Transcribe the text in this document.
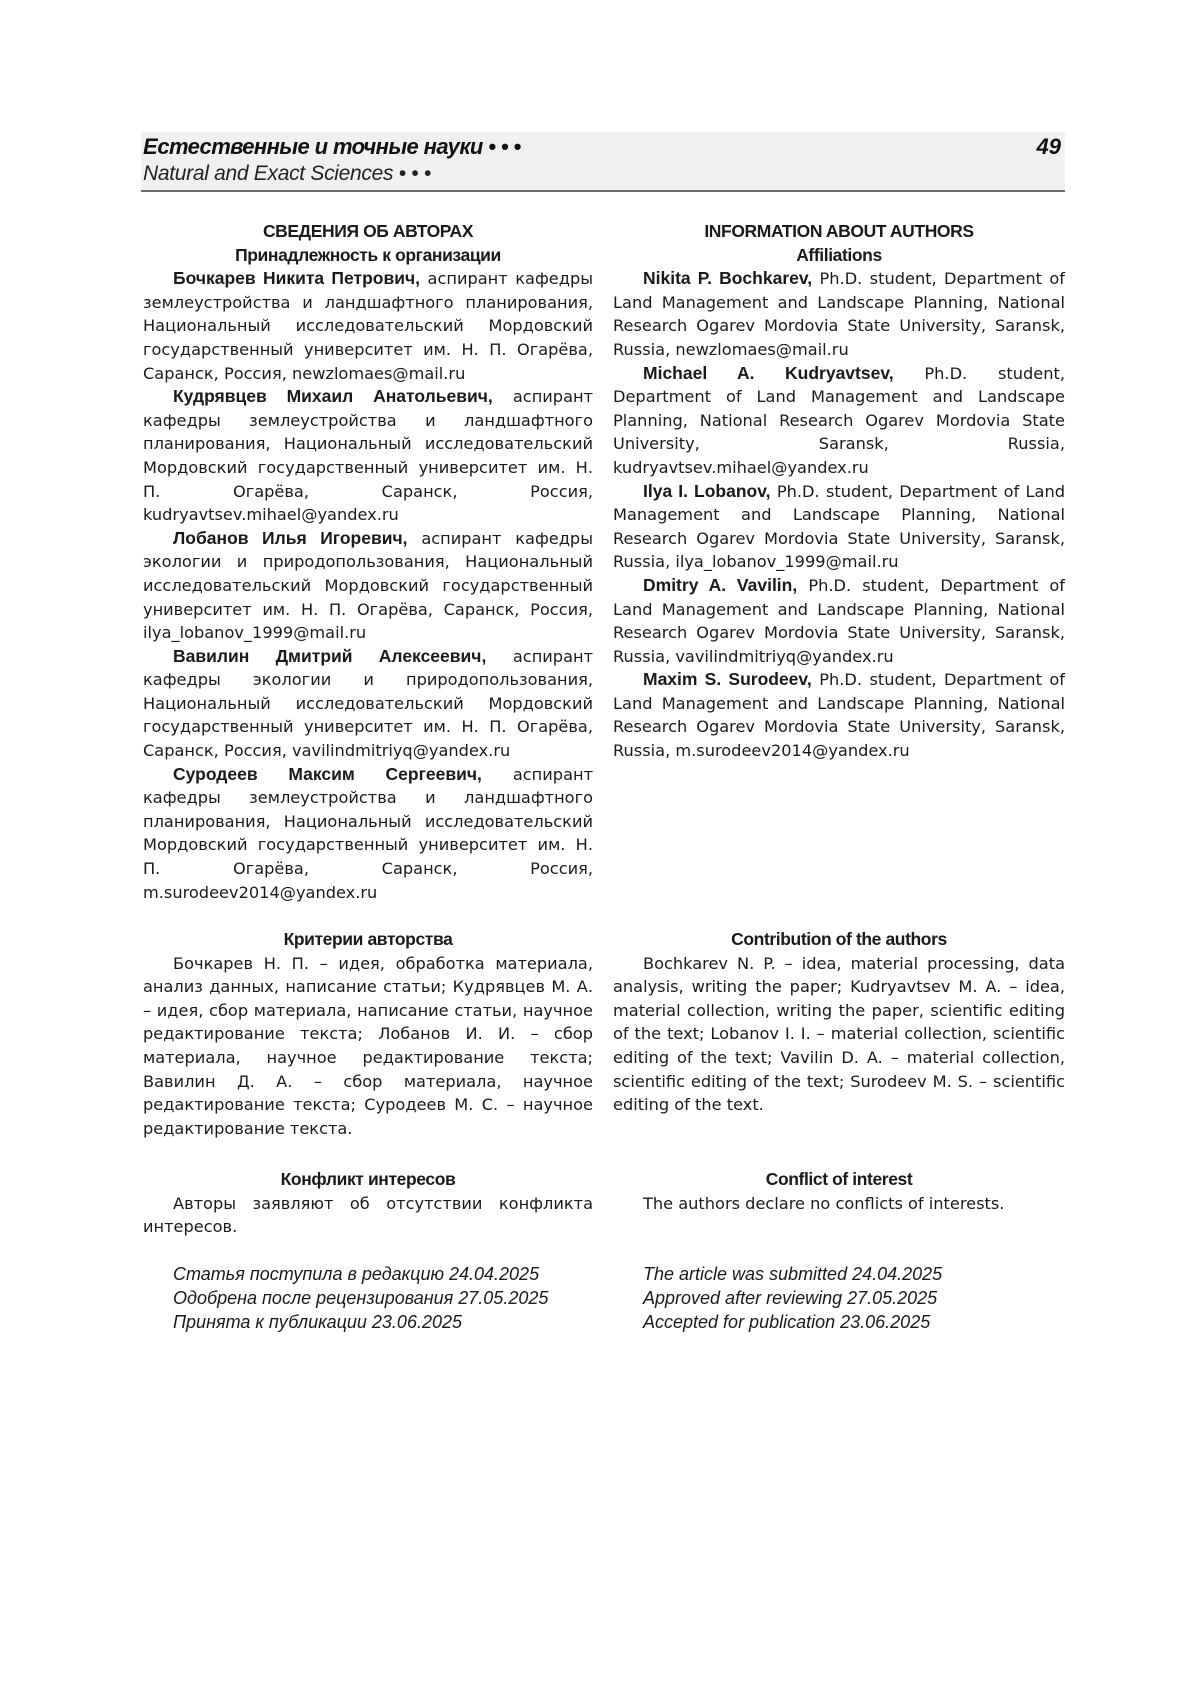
Естественные и точные науки • • •
Natural and Exact Sciences • • •
49
СВЕДЕНИЯ ОБ АВТОРАХ
Принадлежность к организации

Бочкарев Никита Петрович, аспирант кафедры землеустройства и ландшафтного планирования, Национальный исследовательский Мордовский государственный университет им. Н. П. Огарёва, Саранск, Россия, newzlomaes@mail.ru

Кудрявцев Михаил Анатольевич, аспирант кафедры землеустройства и ландшафтного планирования, Национальный исследовательский Мордовский государственный университет им. Н. П. Огарёва, Саранск, Россия, kudryavtsev.mihael@yandex.ru

Лобанов Илья Игоревич, аспирант кафедры экологии и природопользования, Национальный исследовательский Мордовский государственный университет им. Н. П. Огарёва, Саранск, Россия, ilya_lobanov_1999@mail.ru

Вавилин Дмитрий Алексеевич, аспирант кафедры экологии и природопользования, Национальный исследовательский Мордовский государственный университет им. Н. П. Огарёва, Саранск, Россия, vavilindmitriyq@yandex.ru

Суродеев Максим Сергеевич, аспирант кафедры землеустройства и ландшафтного планирования, Национальный исследовательский Мордовский государственный университет им. Н. П. Огарёва, Саранск, Россия, m.surodeev2014@yandex.ru

INFORMATION ABOUT AUTHORS
Affiliations

Nikita P. Bochkarev, Ph.D. student, Department of Land Management and Landscape Planning, National Research Ogarev Mordovia State University, Saransk, Russia, newzlomaes@mail.ru

Michael A. Kudryavtsev, Ph.D. student, Department of Land Management and Landscape Planning, National Research Ogarev Mordovia State University, Saransk, Russia, kudryavtsev.mihael@yandex.ru

Ilya I. Lobanov, Ph.D. student, Department of Land Management and Landscape Planning, National Research Ogarev Mordovia State University, Saransk, Russia, ilya_lobanov_1999@mail.ru

Dmitry A. Vavilin, Ph.D. student, Department of Land Management and Landscape Planning, National Research Ogarev Mordovia State University, Saransk, Russia, vavilindmitriyq@yandex.ru

Maxim S. Surodeev, Ph.D. student, Department of Land Management and Landscape Planning, National Research Ogarev Mordovia State University, Saransk, Russia, m.surodeev2014@yandex.ru

Критерии авторства

Бочкарев Н. П. – идея, обработка материала, анализ данных, написание статьи; Кудрявцев М. А. – идея, сбор материала, написание статьи, научное редактирование текста; Лобанов И. И. – сбор материала, научное редактирование текста; Вавилин Д. А. – сбор материала, научное редактирование текста; Суродеев М. С. – научное редактирование текста.

Contribution of the authors

Bochkarev N. P. – idea, material processing, data analysis, writing the paper; Kudryavtsev M. A. – idea, material collection, writing the paper, scientific editing of the text; Lobanov I. I. – material collection, scientific editing of the text; Vavilin D. A. – material collection, scientific editing of the text; Surodeev M. S. – scientific editing of the text.

Конфликт интересов

Авторы заявляют об отсутствии конфликта интересов.

Conflict of interest

The authors declare no conflicts of interests.

Статья поступила в редакцию 24.04.2025
Одобрена после рецензирования 27.05.2025
Принята к публикации 23.06.2025
The article was submitted 24.04.2025
Approved after reviewing 27.05.2025
Accepted for publication 23.06.2025
